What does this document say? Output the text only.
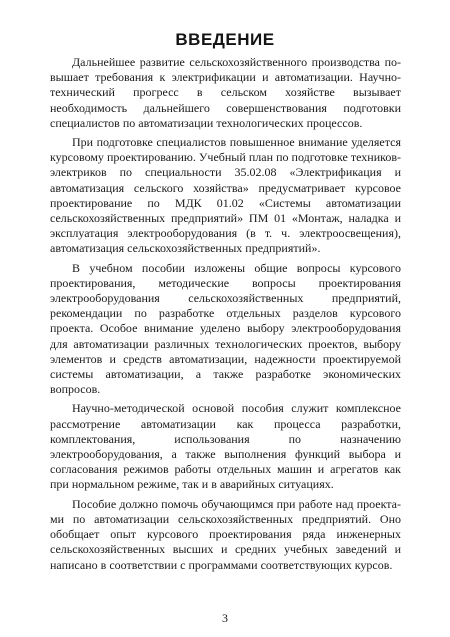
ВВЕДЕНИЕ

Дальнейшее развитие сельскохозяйственного производства повышает требования к электрификации и автоматизации. Научно-технический прогресс в сельском хозяйстве вызывает необходимость дальнейшего совершенствования подготовки специалистов по автоматизации технологических процессов.

При подготовке специалистов повышенное внимание уделяется курсовому проектированию. Учебный план по подготовке техников-электриков по специальности 35.02.08 «Электрификация и автоматизация сельского хозяйства» предусматривает курсовое проектирование по МДК 01.02 «Системы автоматизации сельскохозяйственных предприятий» ПМ 01 «Монтаж, наладка и эксплуатация электрооборудования (в т. ч. электроосвещения), автоматизация сельскохозяйственных предприятий».

В учебном пособии изложены общие вопросы курсового проектирования, методические вопросы проектирования электрооборудования сельскохозяйственных предприятий, рекомендации по разработке отдельных разделов курсового проекта. Особое внимание уделено выбору электрооборудования для автоматизации различных технологических проектов, выбору элементов и средств автоматизации, надежности проектируемой системы автоматизации, а также разработке экономических вопросов.

Научно-методической основой пособия служит комплексное рассмотрение автоматизации как процесса разработки, комплектования, использования по назначению электрооборудования, а также выполнения функций выбора и согласования режимов работы отдельных машин и агрегатов как при нормальном режиме, так и в аварийных ситуациях.

Пособие должно помочь обучающимся при работе над проектами по автоматизации сельскохозяйственных предприятий. Оно обобщает опыт курсового проектирования ряда инженерных сельскохозяйственных высших и средних учебных заведений и написано в соответствии с программами соответствующих курсов.

3
